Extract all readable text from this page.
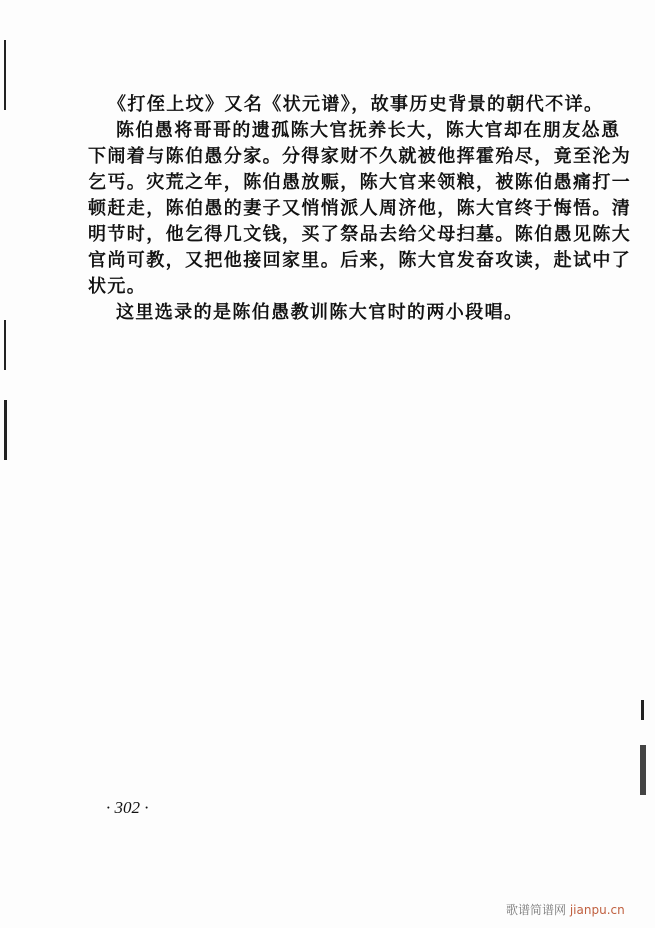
《打侄上坟》又名《状元谱》，故事历史背景的朝代不详。
陈伯愚将哥哥的遗孤陈大官抚养长大，陈大官却在朋友怂恿
下闹着与陈伯愚分家。分得家财不久就被他挥霍殆尽，竟至沦为
乞丐。灾荒之年，陈伯愚放赈，陈大官来领粮，被陈伯愚痛打一
顿赶走，陈伯愚的妻子又悄悄派人周济他，陈大官终于悔悟。清
明节时，他乞得几文钱，买了祭品去给父母扫墓。陈伯愚见陈大
官尚可教，又把他接回家里。后来，陈大官发奋攻读，赴试中了
状元。
这里选录的是陈伯愚教训陈大官时的两小段唱。
· 302 ·
歌谱简谱网 jianpu.cn
